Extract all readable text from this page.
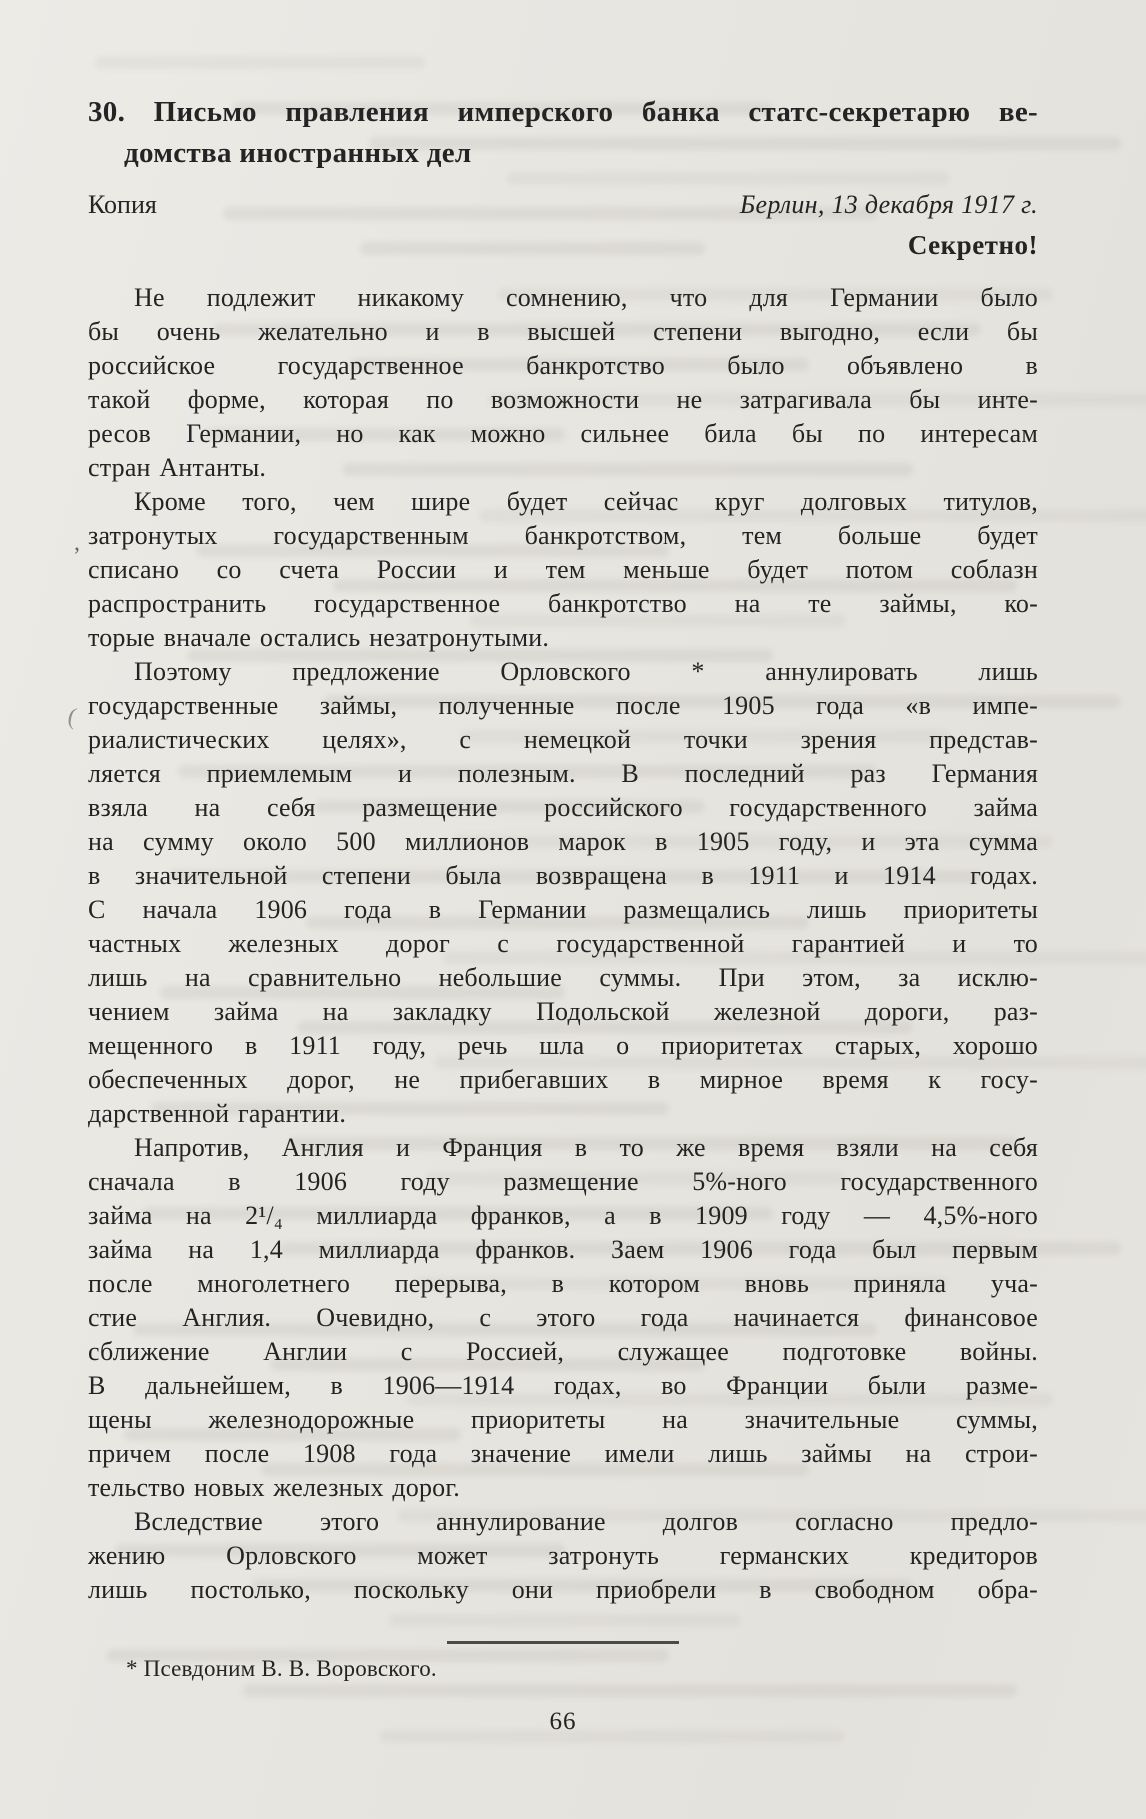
30. Письмо правления имперского банка статс-секретарю ве-
домства иностранных дел
Копия	Берлин, 13 декабря 1917 г.
Секретно!
Не подлежит никакому сомнению, что для Германии было
бы очень желательно и в высшей степени выгодно, если бы
российское государственное банкротство было объявлено в
такой форме, которая по возможности не затрагивала бы инте-
ресов Германии, но как можно сильнее била бы по интересам
стран Антанты.
Кроме того, чем шире будет сейчас круг долговых титулов,
затронутых государственным банкротством, тем больше будет
списано со счета России и тем меньше будет потом соблазн
распространить государственное банкротство на те займы, ко-
торые вначале остались незатронутыми.
Поэтому предложение Орловского * аннулировать лишь
государственные займы, полученные после 1905 года «в импе-
риалистических целях», с немецкой точки зрения представ-
ляется приемлемым и полезным. В последний раз Германия
взяла на себя размещение российского государственного займа
на сумму около 500 миллионов марок в 1905 году, и эта сумма
в значительной степени была возвращена в 1911 и 1914 годах.
С начала 1906 года в Германии размещались лишь приоритеты
частных железных дорог с государственной гарантией и то
лишь на сравнительно небольшие суммы. При этом, за исклю-
чением займа на закладку Подольской железной дороги, раз-
мещенного в 1911 году, речь шла о приоритетах старых, хорошо
обеспеченных дорог, не прибегавших в мирное время к госу-
дарственной гарантии.
Напротив, Англия и Франция в то же время взяли на себя
сначала в 1906 году размещение 5%-ного государственного
займа на 2¹/₄ миллиарда франков, а в 1909 году — 4,5%-ного
займа на 1,4 миллиарда франков. Заем 1906 года был первым
после многолетнего перерыва, в котором вновь приняла уча-
стие Англия. Очевидно, с этого года начинается финансовое
сближение Англии с Россией, служащее подготовке войны.
В дальнейшем, в 1906—1914 годах, во Франции были разме-
щены железнодорожные приоритеты на значительные суммы,
причем после 1908 года значение имели лишь займы на строи-
тельство новых железных дорог.
Вследствие этого аннулирование долгов согласно предло-
жению Орловского может затронуть германских кредиторов
лишь постолько, поскольку они приобрели в свободном обра-
* Псевдоним В. В. Воровского.
66
,
(
